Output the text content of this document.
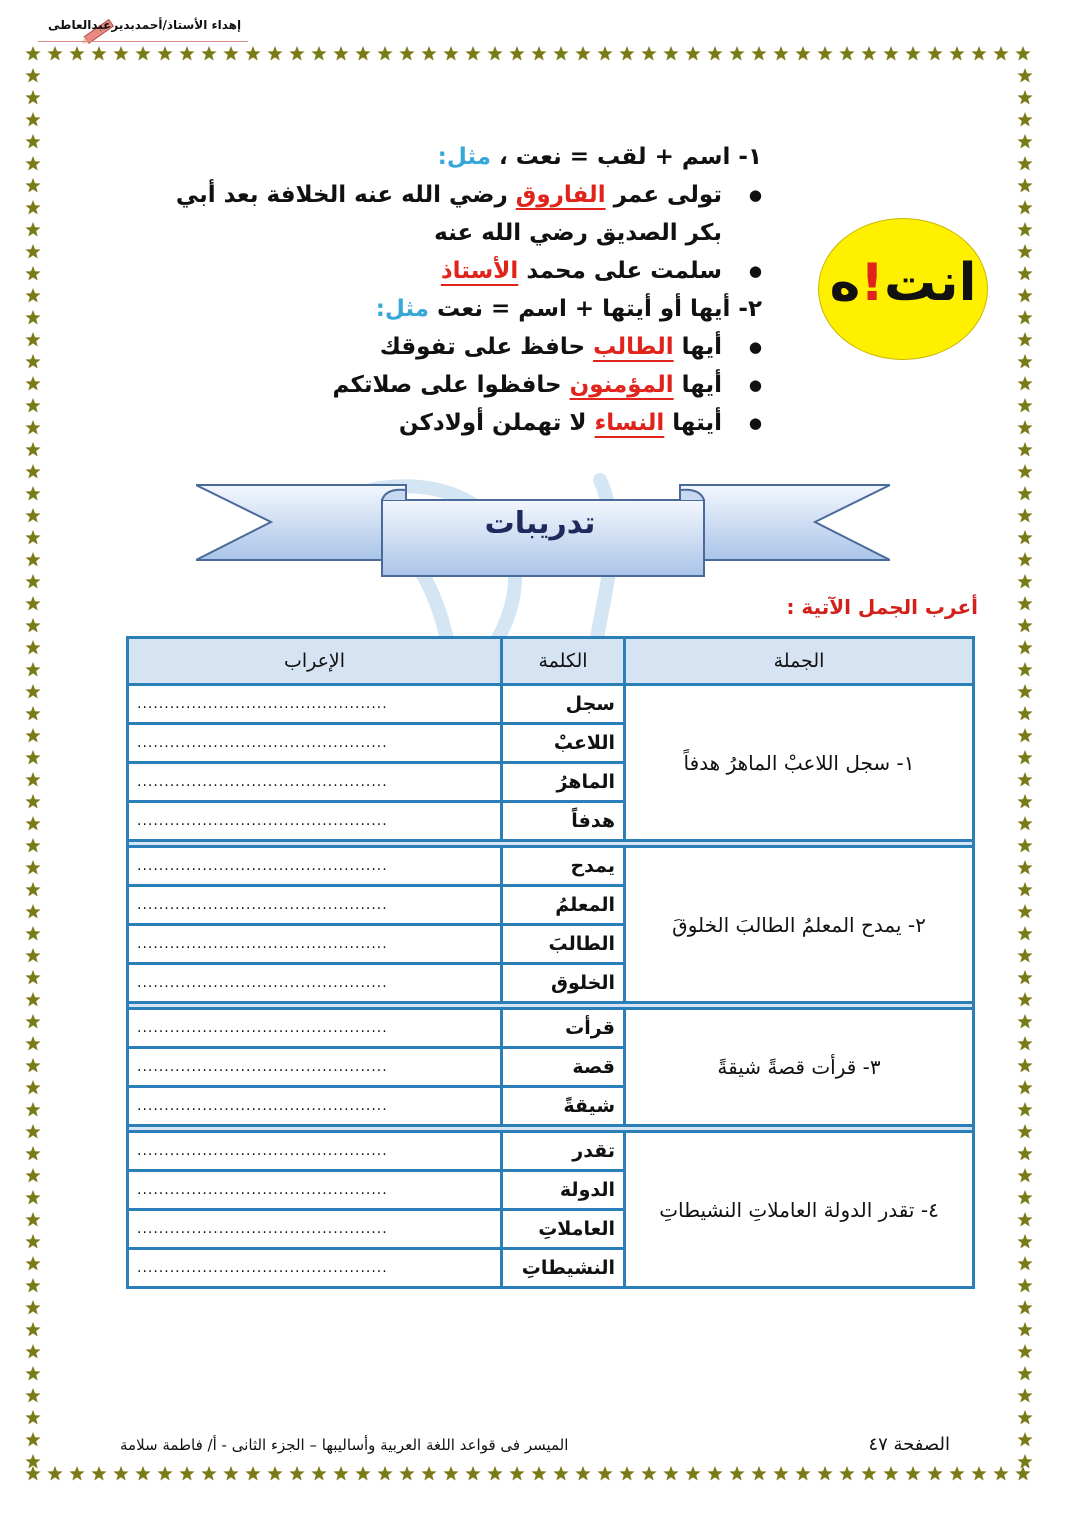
إهداء الأستاذ/أحمدبديرعبدالعاطى
١- اسم + لقب = نعت ، مثل:
● تولى عمر الفاروق رضي الله عنه الخلافة بعد أبي
بكر الصديق رضي الله عنه
● سلمت على محمد الأستاذ
٢- أيها أو أيتها + اسم = نعت مثل:
● أيها الطالب حافظ على تفوقك
● أيها المؤمنون حافظوا على صلاتكم
● أيتها النساء لا تهملن أولادكن
انت!ه
تدريبات
أعرب الجمل الآتية :
الجملة	الكلمة	الإعراب
١- سجل اللاعبْ الماهرُ هدفاً	سجل	..............................................
	اللاعبْ	..............................................
	الماهرُ	..............................................
	هدفاً	..............................................

٢- يمدح المعلمُ الطالبَ الخلوقَ	يمدح	..............................................
	المعلمُ	..............................................
	الطالبَ	..............................................
	الخلوق	..............................................

٣- قرأت قصةً شيقةً	قرأت	..............................................
	قصة	..............................................
	شيقةً	..............................................

٤- تقدر الدولة العاملاتِ النشيطاتِ	تقدر	..............................................
	الدولة	..............................................
	العاملاتِ	..............................................
	النشيطاتِ	..............................................
الميسر فى قواعد اللغة العربية وأساليبها – الجزء الثانى - أ/ فاطمة سلامة	الصفحة ٤٧
